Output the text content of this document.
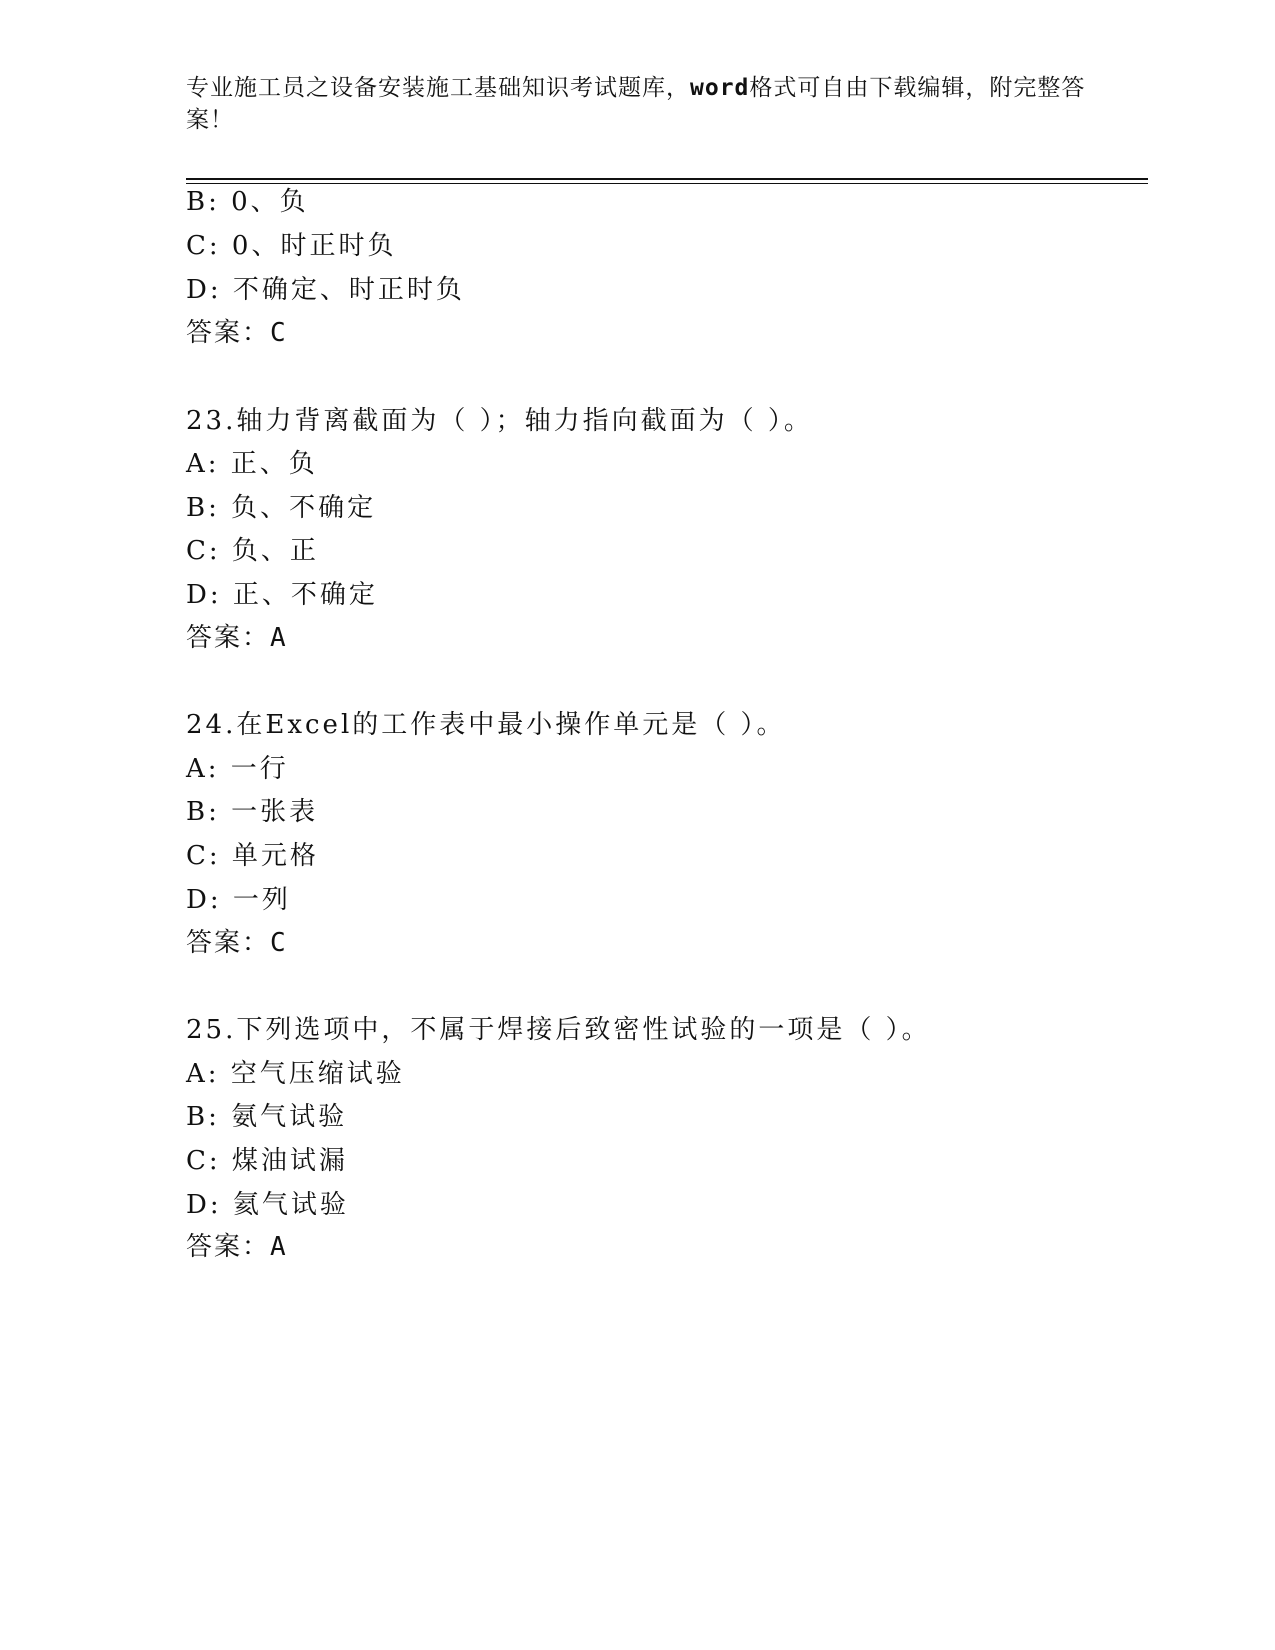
专业施工员之设备安装施工基础知识考试题库，word格式可自由下载编辑，附完整答案！
B: 0、负
C: 0、时正时负
D: 不确定、时正时负
答案：C
23.轴力背离截面为（ ）；轴力指向截面为（ ）。
A: 正、负
B: 负、不确定
C: 负、正
D: 正、不确定
答案：A
24.在Excel的工作表中最小操作单元是（ ）。
A: 一行
B: 一张表
C: 单元格
D: 一列
答案：C
25.下列选项中，不属于焊接后致密性试验的一项是（ ）。
A: 空气压缩试验
B: 氨气试验
C: 煤油试漏
D: 氦气试验
答案：A
